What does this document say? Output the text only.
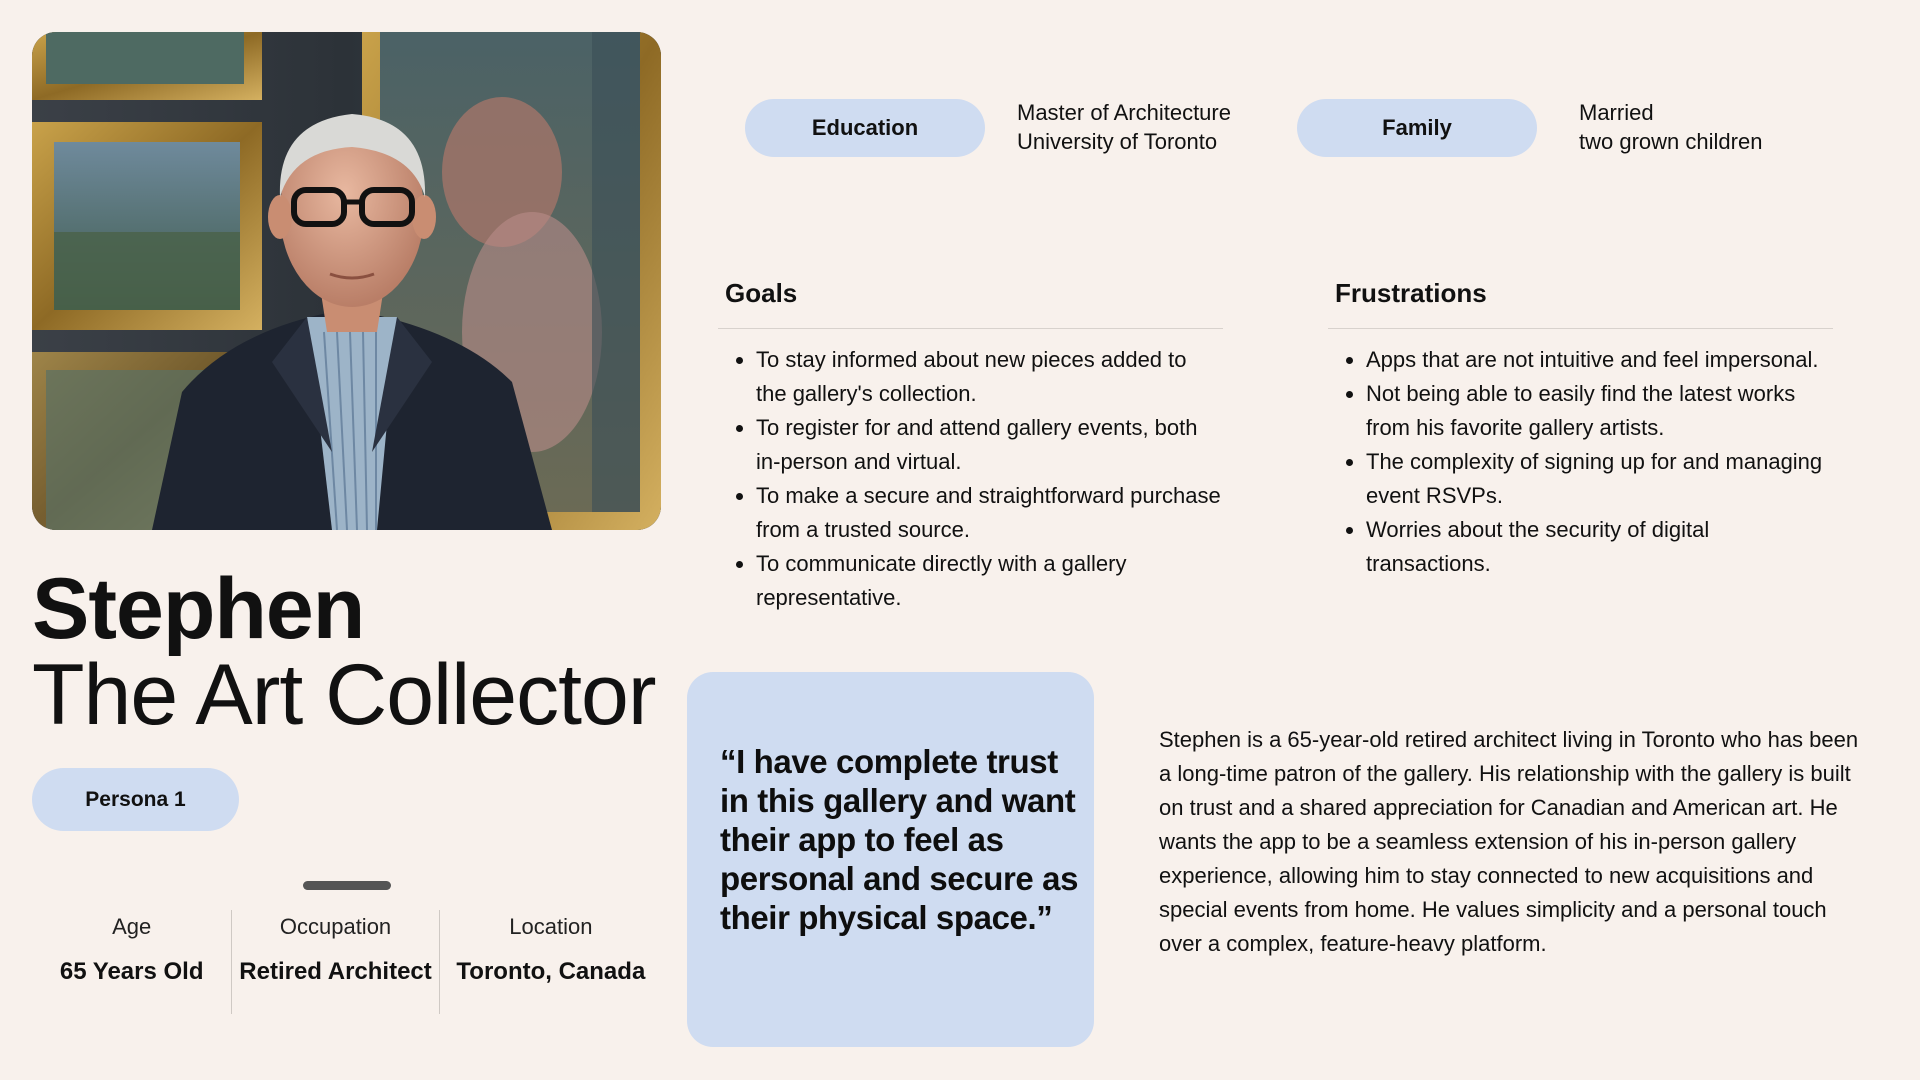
Stephen
The Art Collector
Persona 1
Education
Master of Architecture
University of Toronto
Family
Married
two grown children
Age
65 Years Old
Occupation
Retired Architect
Location
Toronto, Canada
Goals
• To stay informed about new pieces added to the gallery's collection.
• To register for and attend gallery events, both in-person and virtual.
• To make a secure and straightforward purchase from a trusted source.
• To communicate directly with a gallery representative.
Frustrations
• Apps that are not intuitive and feel impersonal.
• Not being able to easily find the latest works from his favorite gallery artists.
• The complexity of signing up for and managing event RSVPs.
• Worries about the security of digital transactions.

“I have complete trust in this gallery and want their app to feel as personal and secure as their physical space.”

Stephen is a 65-year-old retired architect living in Toronto who has been a long-time patron of the gallery. His relationship with the gallery is built on trust and a shared appreciation for Canadian and American art. He wants the app to be a seamless extension of his in-person gallery experience, allowing him to stay connected to new acquisitions and special events from home. He values simplicity and a personal touch over a complex, feature-heavy platform.
